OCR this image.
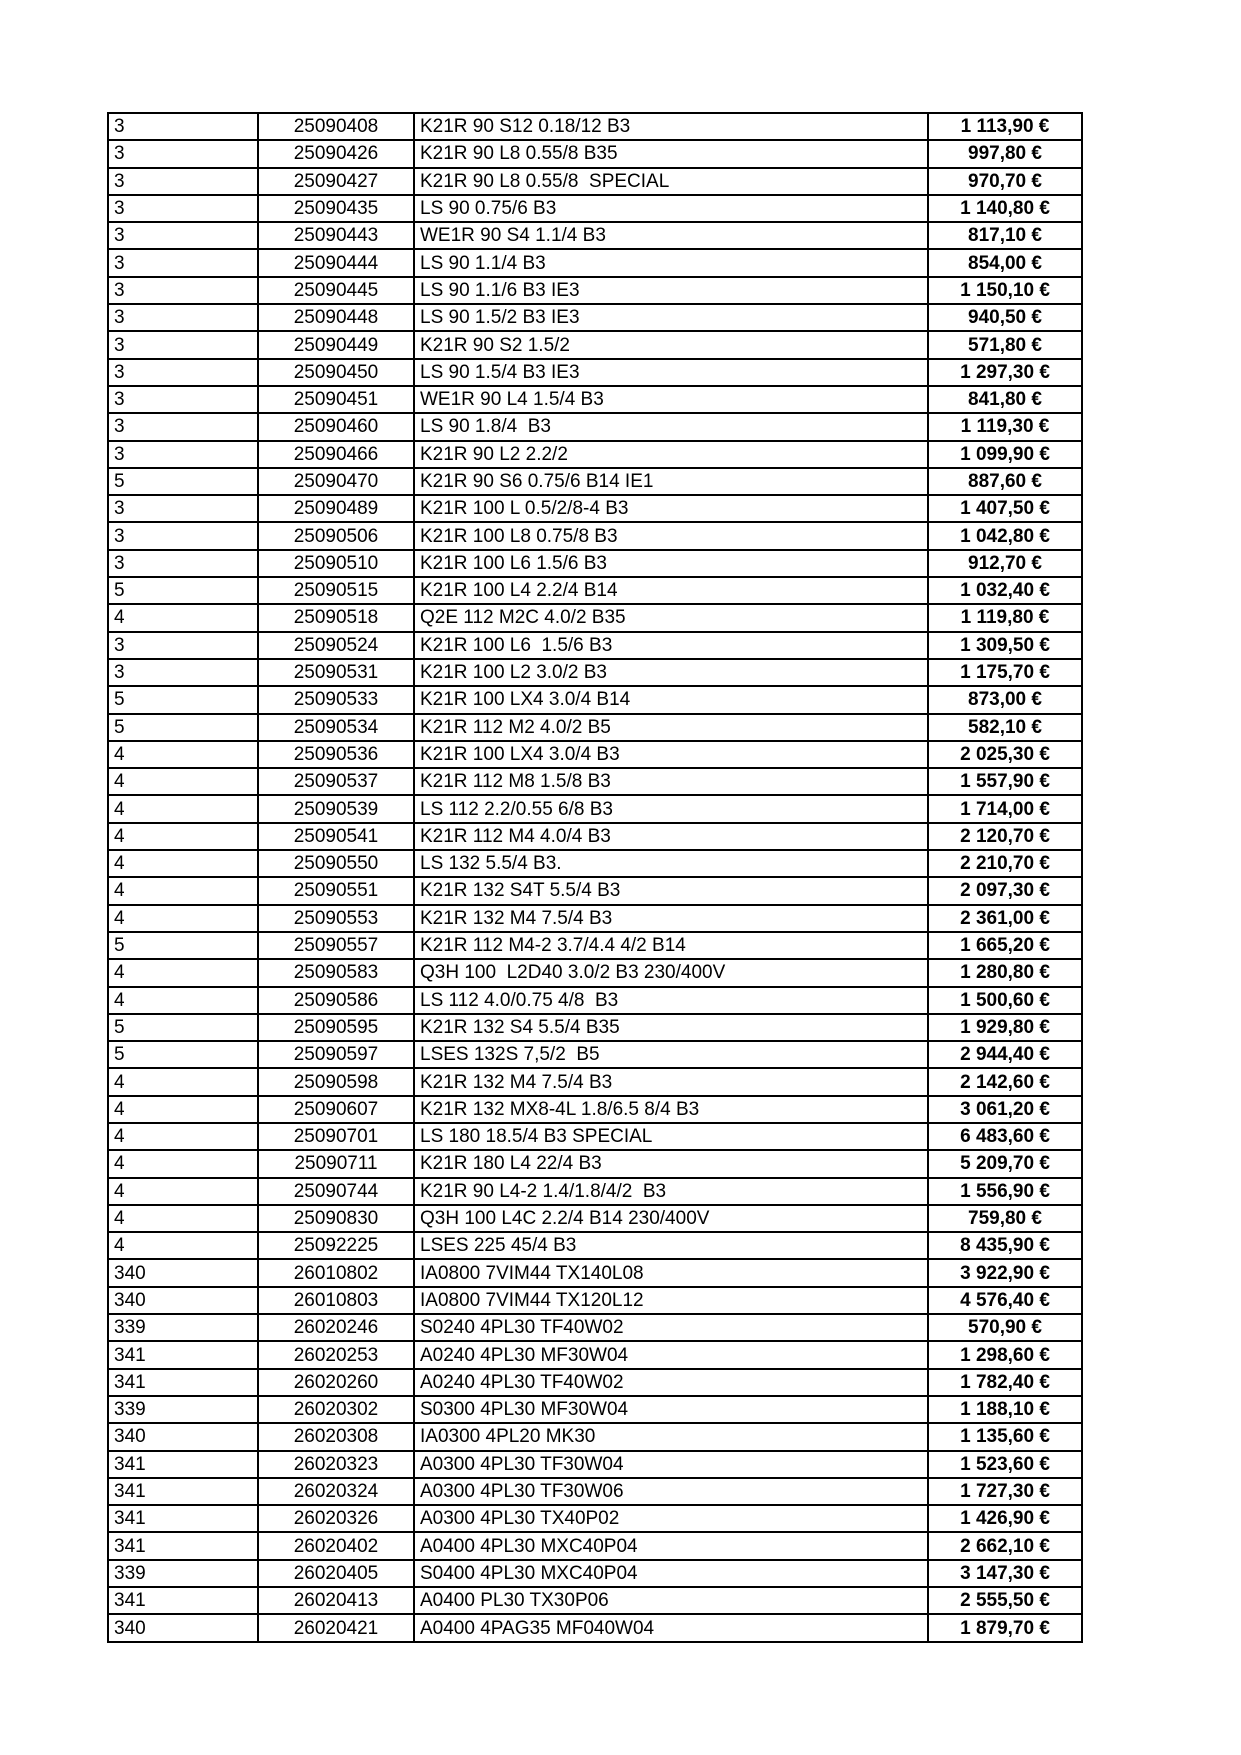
3	25090408	K21R 90 S12 0.18/12 B3	1 113,90 €
3	25090426	K21R 90 L8 0.55/8 B35	997,80 €
3	25090427	K21R 90 L8 0.55/8  SPECIAL	970,70 €
3	25090435	LS 90 0.75/6 B3	1 140,80 €
3	25090443	WE1R 90 S4 1.1/4 B3	817,10 €
3	25090444	LS 90 1.1/4 B3	854,00 €
3	25090445	LS 90 1.1/6 B3 IE3	1 150,10 €
3	25090448	LS 90 1.5/2 B3 IE3	940,50 €
3	25090449	K21R 90 S2 1.5/2	571,80 €
3	25090450	LS 90 1.5/4 B3 IE3	1 297,30 €
3	25090451	WE1R 90 L4 1.5/4 B3	841,80 €
3	25090460	LS 90 1.8/4  B3	1 119,30 €
3	25090466	K21R 90 L2 2.2/2	1 099,90 €
5	25090470	K21R 90 S6 0.75/6 B14 IE1	887,60 €
3	25090489	K21R 100 L 0.5/2/8-4 B3	1 407,50 €
3	25090506	K21R 100 L8 0.75/8 B3	1 042,80 €
3	25090510	K21R 100 L6 1.5/6 B3	912,70 €
5	25090515	K21R 100 L4 2.2/4 B14	1 032,40 €
4	25090518	Q2E 112 M2C 4.0/2 B35	1 119,80 €
3	25090524	K21R 100 L6  1.5/6 B3	1 309,50 €
3	25090531	K21R 100 L2 3.0/2 B3	1 175,70 €
5	25090533	K21R 100 LX4 3.0/4 B14	873,00 €
5	25090534	K21R 112 M2 4.0/2 B5	582,10 €
4	25090536	K21R 100 LX4 3.0/4 B3	2 025,30 €
4	25090537	K21R 112 M8 1.5/8 B3	1 557,90 €
4	25090539	LS 112 2.2/0.55 6/8 B3	1 714,00 €
4	25090541	K21R 112 M4 4.0/4 B3	2 120,70 €
4	25090550	LS 132 5.5/4 B3.	2 210,70 €
4	25090551	K21R 132 S4T 5.5/4 B3	2 097,30 €
4	25090553	K21R 132 M4 7.5/4 B3	2 361,00 €
5	25090557	K21R 112 M4-2 3.7/4.4 4/2 B14	1 665,20 €
4	25090583	Q3H 100  L2D40 3.0/2 B3 230/400V	1 280,80 €
4	25090586	LS 112 4.0/0.75 4/8  B3	1 500,60 €
5	25090595	K21R 132 S4 5.5/4 B35	1 929,80 €
5	25090597	LSES 132S 7,5/2  B5	2 944,40 €
4	25090598	K21R 132 M4 7.5/4 B3	2 142,60 €
4	25090607	K21R 132 MX8-4L 1.8/6.5 8/4 B3	3 061,20 €
4	25090701	LS 180 18.5/4 B3 SPECIAL	6 483,60 €
4	25090711	K21R 180 L4 22/4 B3	5 209,70 €
4	25090744	K21R 90 L4-2 1.4/1.8/4/2  B3	1 556,90 €
4	25090830	Q3H 100 L4C 2.2/4 B14 230/400V	759,80 €
4	25092225	LSES 225 45/4 B3	8 435,90 €
340	26010802	IA0800 7VIM44 TX140L08	3 922,90 €
340	26010803	IA0800 7VIM44 TX120L12	4 576,40 €
339	26020246	S0240 4PL30 TF40W02	570,90 €
341	26020253	A0240 4PL30 MF30W04	1 298,60 €
341	26020260	A0240 4PL30 TF40W02	1 782,40 €
339	26020302	S0300 4PL30 MF30W04	1 188,10 €
340	26020308	IA0300 4PL20 MK30	1 135,60 €
341	26020323	A0300 4PL30 TF30W04	1 523,60 €
341	26020324	A0300 4PL30 TF30W06	1 727,30 €
341	26020326	A0300 4PL30 TX40P02	1 426,90 €
341	26020402	A0400 4PL30 MXC40P04	2 662,10 €
339	26020405	S0400 4PL30 MXC40P04	3 147,30 €
341	26020413	A0400 PL30 TX30P06	2 555,50 €
340	26020421	A0400 4PAG35 MF040W04	1 879,70 €
